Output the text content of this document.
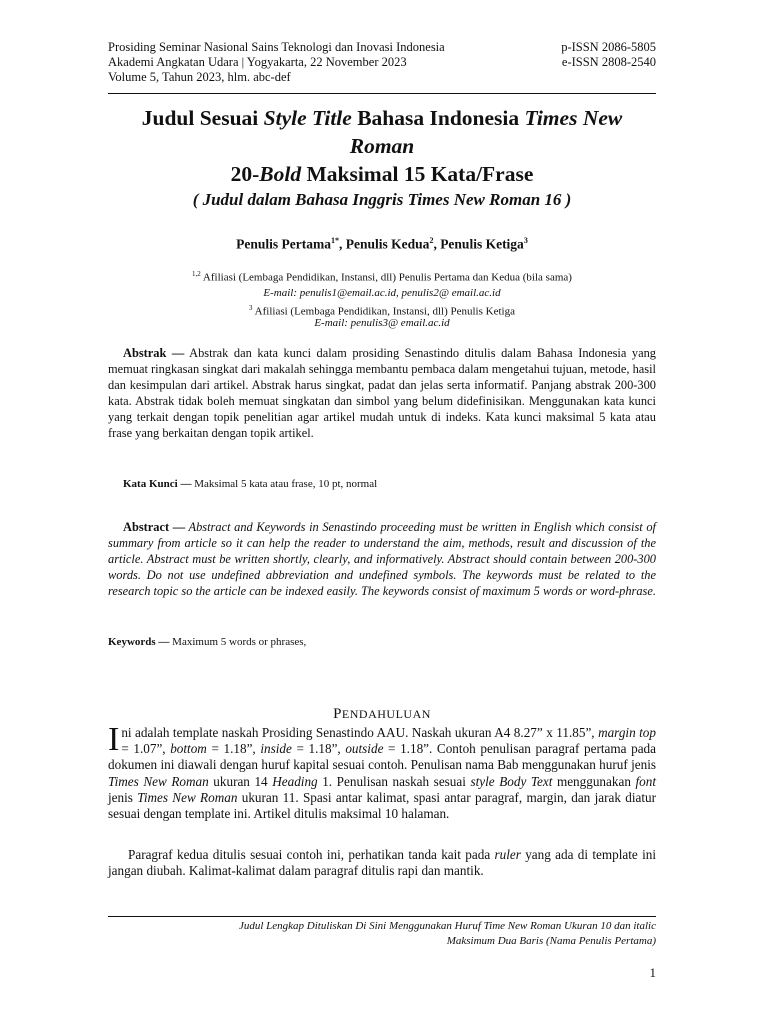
Prosiding Seminar Nasional Sains Teknologi dan Inovasi Indonesia	p-ISSN 2086-5805
Akademi Angkatan Udara | Yogyakarta, 22 November 2023	e-ISSN 2808-2540
Volume 5, Tahun 2023, hlm. abc-def
Judul Sesuai Style Title Bahasa Indonesia Times New Roman
20-Bold Maksimal 15 Kata/Frase
( Judul dalam Bahasa Inggris Times New Roman 16 )
Penulis Pertama$^{1*}$, Penulis Kedua$^2$, Penulis Ketiga$^3$
$^{1,2}$ Afiliasi (Lembaga Pendidikan, Instansi, dll) Penulis Pertama dan Kedua (bila sama)
E-mail: penulis1@email.ac.id, penulis2@ email.ac.id
$^3$ Afiliasi (Lembaga Pendidikan, Instansi, dll) Penulis Ketiga
E-mail: penulis3@ email.ac.id
Abstrak — Abstrak dan kata kunci dalam prosiding Senastindo ditulis dalam Bahasa Indonesia yang memuat ringkasan singkat dari makalah sehingga membantu pembaca dalam mengetahui tujuan, metode, hasil dan kesimpulan dari artikel. Abstrak harus singkat, padat dan jelas serta informatif. Panjang abstrak 200-300 kata. Abstrak tidak boleh memuat singkatan dan simbol yang belum didefinisikan. Menggunakan kata kunci yang terkait dengan topik penelitian agar artikel mudah untuk di indeks. Kata kunci maksimal 5 kata atau frase yang berkaitan dengan topik artikel.
Kata Kunci — Maksimal 5 kata atau frase, 10 pt, normal
Abstract — Abstract and Keywords in Senastindo proceeding must be written in English which consist of summary from article so it can help the reader to understand the aim, methods, result and discussion of the article. Abstract must be written shortly, clearly, and informatively. Abstract should contain between 200-300 words. Do not use undefined abbreviation and undefined symbols. The keywords must be related to the research topic so the article can be indexed easily. The keywords consist of maximum 5 words or word-phrase.
Keywords — Maximum 5 words or phrases,
PENDAHULUAN
Ini adalah template naskah Prosiding Senastindo AAU. Naskah ukuran A4 8.27” x 11.85”, margin top = 1.07”, bottom = 1.18”, inside = 1.18”, outside = 1.18”. Contoh penulisan paragraf pertama pada dokumen ini diawali dengan huruf kapital sesuai contoh. Penulisan nama Bab menggunakan huruf jenis Times New Roman ukuran 14 Heading 1. Penulisan naskah sesuai style Body Text menggunakan font jenis Times New Roman ukuran 11. Spasi antar kalimat, spasi antar paragraf, margin, dan jarak diatur sesuai dengan template ini. Artikel ditulis maksimal 10 halaman.
Paragraf kedua ditulis sesuai contoh ini, perhatikan tanda kait pada ruler yang ada di template ini jangan diubah. Kalimat-kalimat dalam paragraf ditulis rapi dan mantik.
Judul Lengkap Dituliskan Di Sini Menggunakan Huruf Time New Roman Ukuran 10 dan italic
Maksimum Dua Baris (Nama Penulis Pertama)
1
